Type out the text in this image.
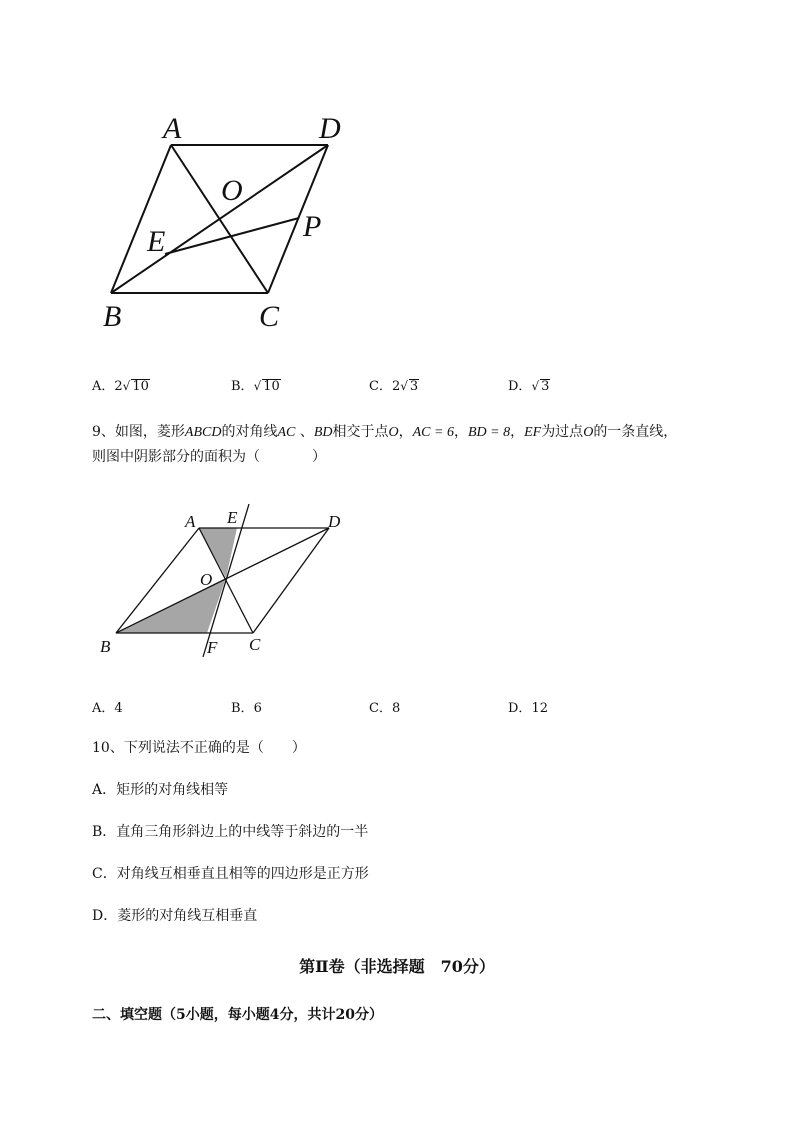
A	D
O
E	P
B	C
A．2√ 10	B．√ 10	C．2√ 3	D．√ 3
9、如图，菱形ABCD的对角线AC 、BD相交于点O，AC = 6，BD = 8，EF为过点O的一条直线，
则图中阴影部分的面积为（	）
A E	D
O
B	F C
A．4	B．6	C．8	D．12
10、下列说法不正确的是（　　）
A．矩形的对角线相等
B．直角三角形斜边上的中线等于斜边的一半
C．对角线互相垂直且相等的四边形是正方形
D．菱形的对角线互相垂直
第Ⅱ卷（非选择题　70分）
二、填空题（5小题，每小题4分，共计20分）
